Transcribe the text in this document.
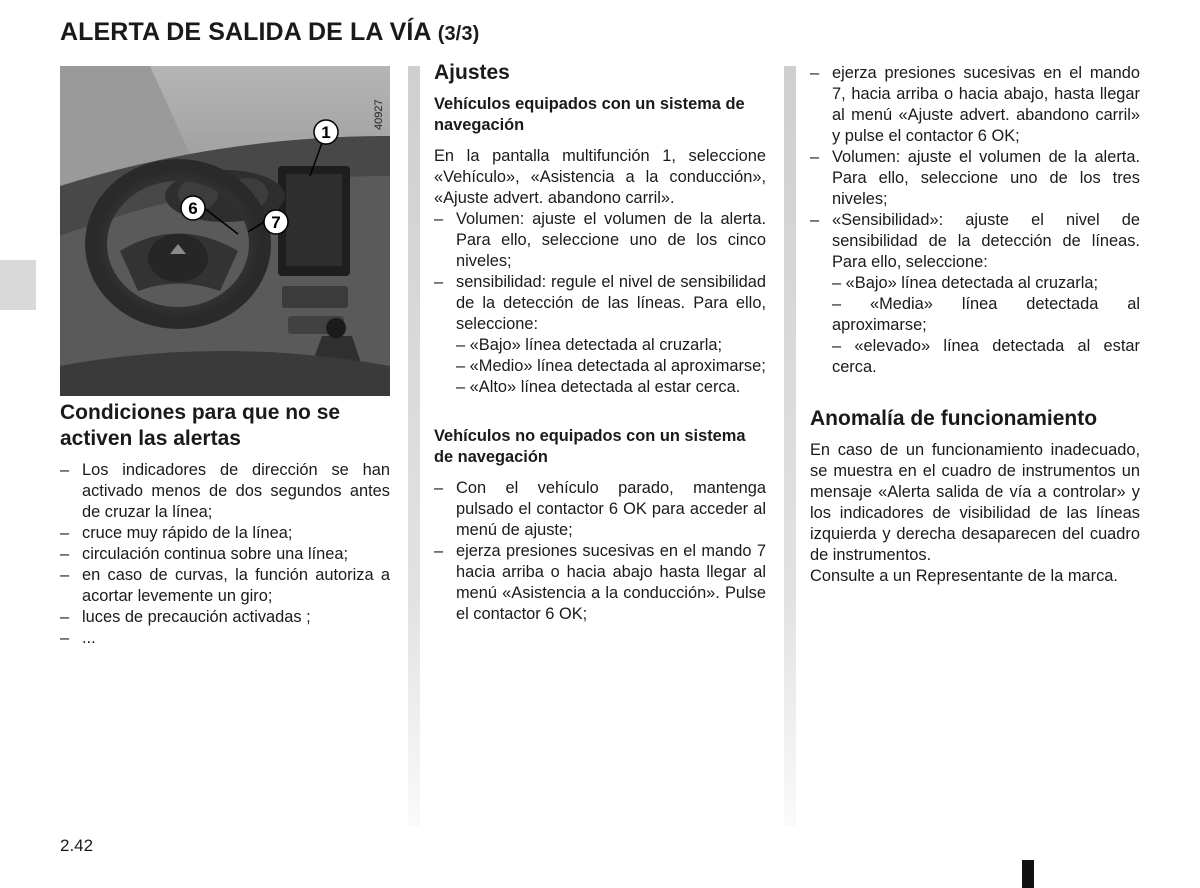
ALERTA DE SALIDA DE LA VÍA (3/3)
1
6
7
40927
Condiciones para que no se activen las alertas
– Los indicadores de dirección se han activado menos de dos segundos antes de cruzar la línea;
– cruce muy rápido de la línea;
– circulación continua sobre una línea;
– en caso de curvas, la función autoriza a acortar levemente un giro;
– luces de precaución activadas ;
– ...
Ajustes
Vehículos equipados con un sistema de navegación

En la pantalla multifunción 1, seleccione «Vehículo», «Asistencia a la conducción», «Ajuste advert. abandono carril».

– Volumen: ajuste el volumen de la alerta. Para ello, seleccione uno de los cinco niveles;
– sensibilidad: regule el nivel de sensibilidad de la detección de las líneas. Para ello, seleccione:
– «Bajo» línea detectada al cruzarla;
– «Medio» línea detectada al aproximarse;
– «Alto» línea detectada al estar cerca.
Vehículos no equipados con un sistema de navegación
– Con el vehículo parado, mantenga pulsado el contactor 6 OK para acceder al menú de ajuste;
– ejerza presiones sucesivas en el mando 7 hacia arriba o hacia abajo hasta llegar al menú «Asistencia a la conducción». Pulse el contactor 6 OK;
– ejerza presiones sucesivas en el mando 7, hacia arriba o hacia abajo, hasta llegar al menú «Ajuste advert. abandono carril» y pulse el contactor 6 OK;
– Volumen: ajuste el volumen de la alerta. Para ello, seleccione uno de los tres niveles;
– «Sensibilidad»: ajuste el nivel de sensibilidad de la detección de líneas. Para ello, seleccione:
– «Bajo» línea detectada al cruzarla;
– «Media» línea detectada al aproximarse;
– «elevado» línea detectada al estar cerca.
Anomalía de funcionamiento

En caso de un funcionamiento inadecuado, se muestra en el cuadro de instrumentos un mensaje «Alerta salida de vía a controlar» y los indicadores de visibilidad de las líneas izquierda y derecha desaparecen del cuadro de instrumentos.

Consulte a un Representante de la marca.

2.42
